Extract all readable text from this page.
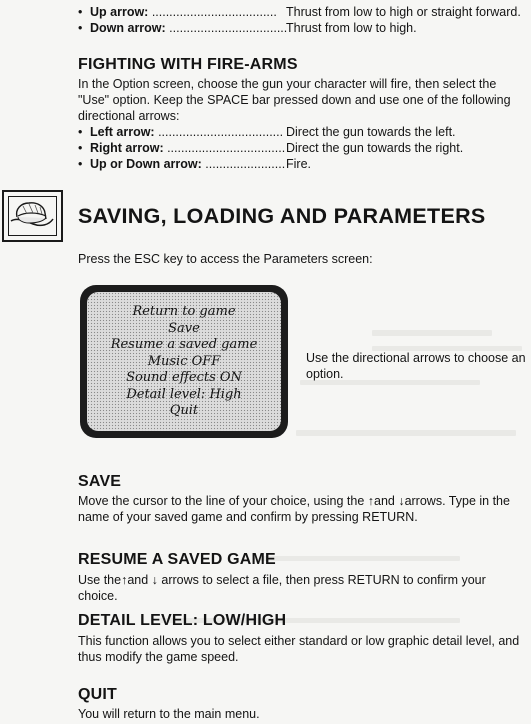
• Up arrow: .................................... Thrust from low to high or straight forward.
• Down arrow: ..................................
Thrust from low to high.
FIGHTING WITH FIRE-ARMS

In the Option screen, choose the gun your character will fire, then select the "Use" option. Keep the SPACE bar pressed down and use one of the following directional arrows:

• Left arrow: .................................... Direct the gun towards the left.
• Right arrow: .................................. Direct the gun towards the right.
• Up or Down arrow: ....................... Fire.
SAVING, LOADING AND PARAMETERS

Press the ESC key to access the Parameters screen:

Return to game
Save
Resume a saved game
Music OFF
Sound effects ON
Detail level: High
Quit

Use the directional arrows to choose an option.

SAVE

Move the cursor to the line of your choice, using the ↑and ↓arrows. Type in the name of your saved game and confirm by pressing RETURN.

RESUME A SAVED GAME

Use the↑and ↓ arrows to select a file, then press RETURN to confirm your choice.

DETAIL LEVEL: LOW/HIGH

This function allows you to select either standard or low graphic detail level, and thus modify the game speed.

QUIT

You will return to the main menu.
